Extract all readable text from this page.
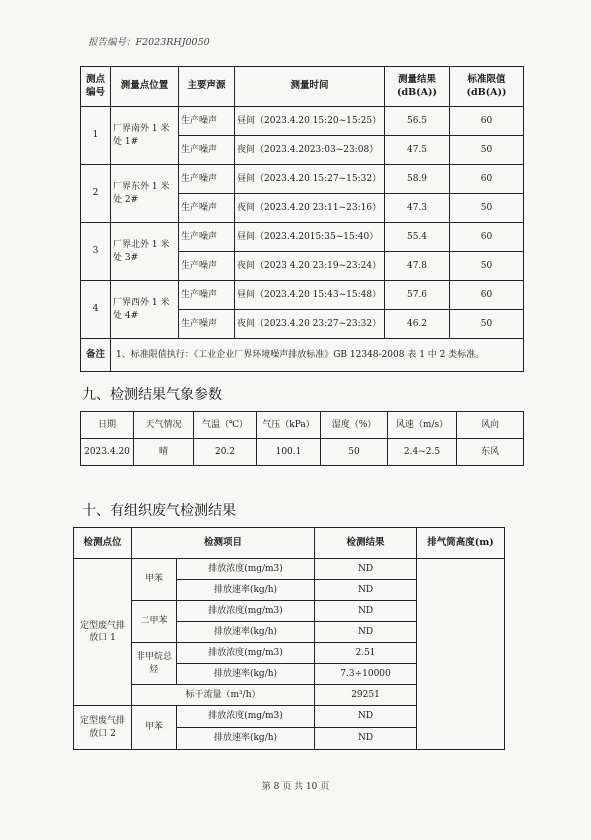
报告编号：F2023RHJ0050
测点编号	测量点位置	主要声源	测量时间	测量结果(dB(A))	标准限值(dB(A))
1	厂界南外 1 米处 1#	生产噪声	昼间（2023.4.20 15:20~15:25）	56.5	60
		生产噪声	夜间（2023.4.2023:03~23:08）	47.5	50
2	厂界东外 1 米处 2#	生产噪声	昼间（2023.4.20 15:27~15:32）	58.9	60
		生产噪声	夜间（2023.4.20 23:11~23:16）	47.3	50
3	厂界北外 1 米处 3#	生产噪声	昼间（2023.4.2015:35~15:40）	55.4	60
		生产噪声	夜间（2023 4.20 23:19~23:24）	47.8	50
4	厂界西外 1 米处 4#	生产噪声	昼间（2023.4.20 15:43~15:48）	57.6	60
		生产噪声	夜间（2023.4.20 23:27~23:32）	46.2	50
备注	1、标准限值执行：《工业企业厂界环境噪声排放标准》GB 12348-2008 表 1 中 2 类标准。				
九、检测结果气象参数
日期	天气情况	气温（℃）	气压（kPa）	湿度（%）	风速（m/s）	风向
2023.4.20	晴	20.2	100.1	50	2.4~2.5	东风
十、有组织废气检测结果
检测点位	检测项目		检测结果	排气筒高度(m)
定型废气排放口 1	甲苯	排放浓度(mg/m3)	ND	
		排放速率(kg/h)	ND	
	二甲苯	排放浓度(mg/m3)	ND	
		排放速率(kg/h)	ND	
	非甲烷总烃	排放浓度(mg/m3)	2.51	
		排放速率(kg/h)	7.3÷10000	
	标干流量（m³/h）		29251	
定型废气排放口 2	甲苯	排放浓度(mg/m3)	ND	
		排放速率(kg/h)	ND	
第 8 页 共 10 页
